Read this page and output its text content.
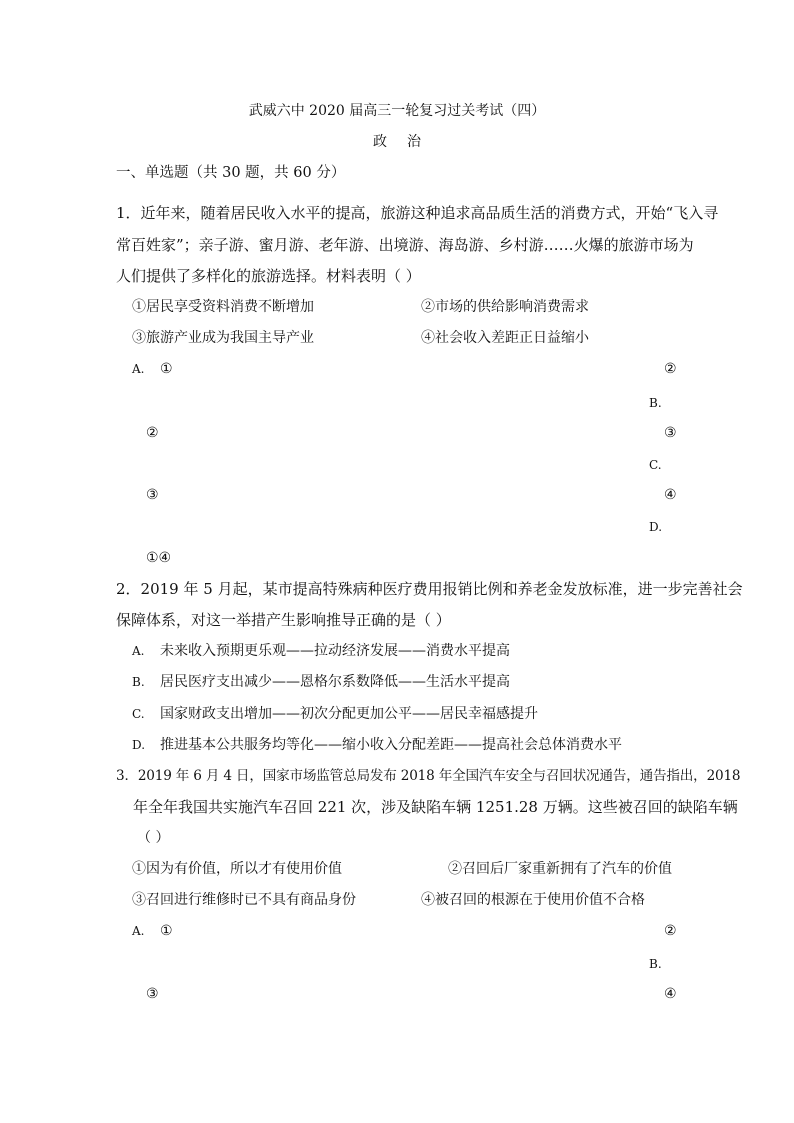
武威六中 2020 届高三一轮复习过关考试（四）
政治
一、单选题（共 30 题，共 60 分）
1．近年来，随着居民收入水平的提高，旅游这种追求高品质生活的消费方式，开始“飞入寻
常百姓家”；亲子游、蜜月游、老年游、出境游、海岛游、乡村游……火爆的旅游市场为
人们提供了多样化的旅游选择。材料表明（ ）
①居民享受资料消费不断增加	②市场的供给影响消费需求
③旅游产业成为我国主导产业	④社会收入差距正日益缩小
A. ①	②
B.
②	③
C.
③	④
D.
①④
2．2019 年 5 月起，某市提高特殊病种医疗费用报销比例和养老金发放标准，进一步完善社会
保障体系，对这一举措产生影响推导正确的是（ ）
A. 未来收入预期更乐观——拉动经济发展——消费水平提高
B. 居民医疗支出减少——恩格尔系数降低——生活水平提高
C. 国家财政支出增加——初次分配更加公平——居民幸福感提升
D. 推进基本公共服务均等化——缩小收入分配差距——提高社会总体消费水平
3．2019 年 6 月 4 日，国家市场监管总局发布 2018 年全国汽车安全与召回状况通告，通告指出，2018
年全年我国共实施汽车召回 221 次，涉及缺陷车辆 1251.28 万辆。这些被召回的缺陷车辆
（ ）
①因为有价值，所以才有使用价值	②召回后厂家重新拥有了汽车的价值
③召回进行维修时已不具有商品身份	④被召回的根源在于使用价值不合格
A. ①	②
B.
③	④
